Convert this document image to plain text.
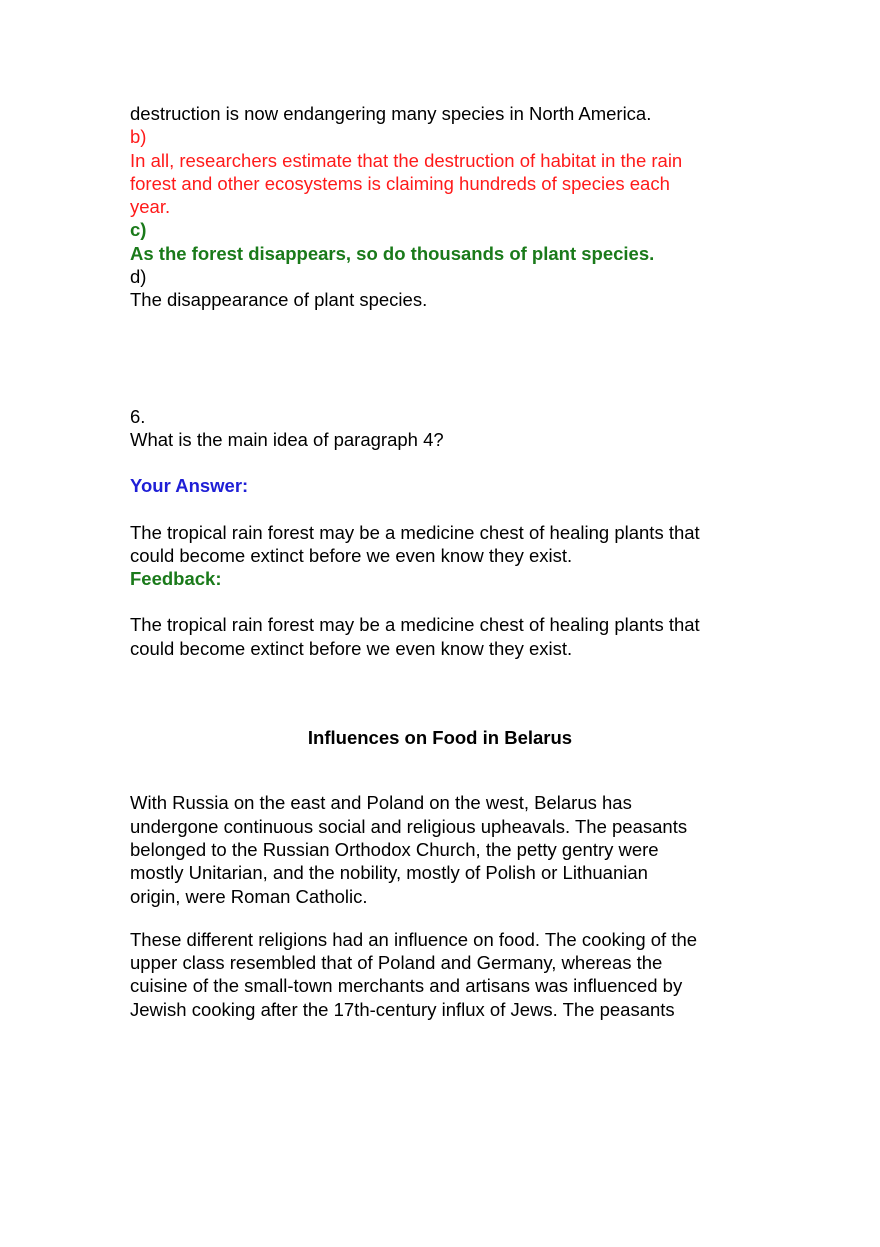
destruction is now endangering many species in North America.
b)
In all, researchers estimate that the destruction of habitat in the rain
forest and other ecosystems is claiming hundreds of species each
year.
c)
As the forest disappears, so do thousands of plant species.
d)
The disappearance of plant species.
6.
What is the main idea of paragraph 4?
Your Answer:
The tropical rain forest may be a medicine chest of healing plants that
could become extinct before we even know they exist.
Feedback:
The tropical rain forest may be a medicine chest of healing plants that
could become extinct before we even know they exist.
Influences on Food in Belarus
With Russia on the east and Poland on the west, Belarus has
undergone continuous social and religious upheavals. The peasants
belonged to the Russian Orthodox Church, the petty gentry were
mostly Unitarian, and the nobility, mostly of Polish or Lithuanian
origin, were Roman Catholic.
These different religions had an influence on food. The cooking of the
upper class resembled that of Poland and Germany, whereas the
cuisine of the small-town merchants and artisans was influenced by
Jewish cooking after the 17th-century influx of Jews. The peasants
